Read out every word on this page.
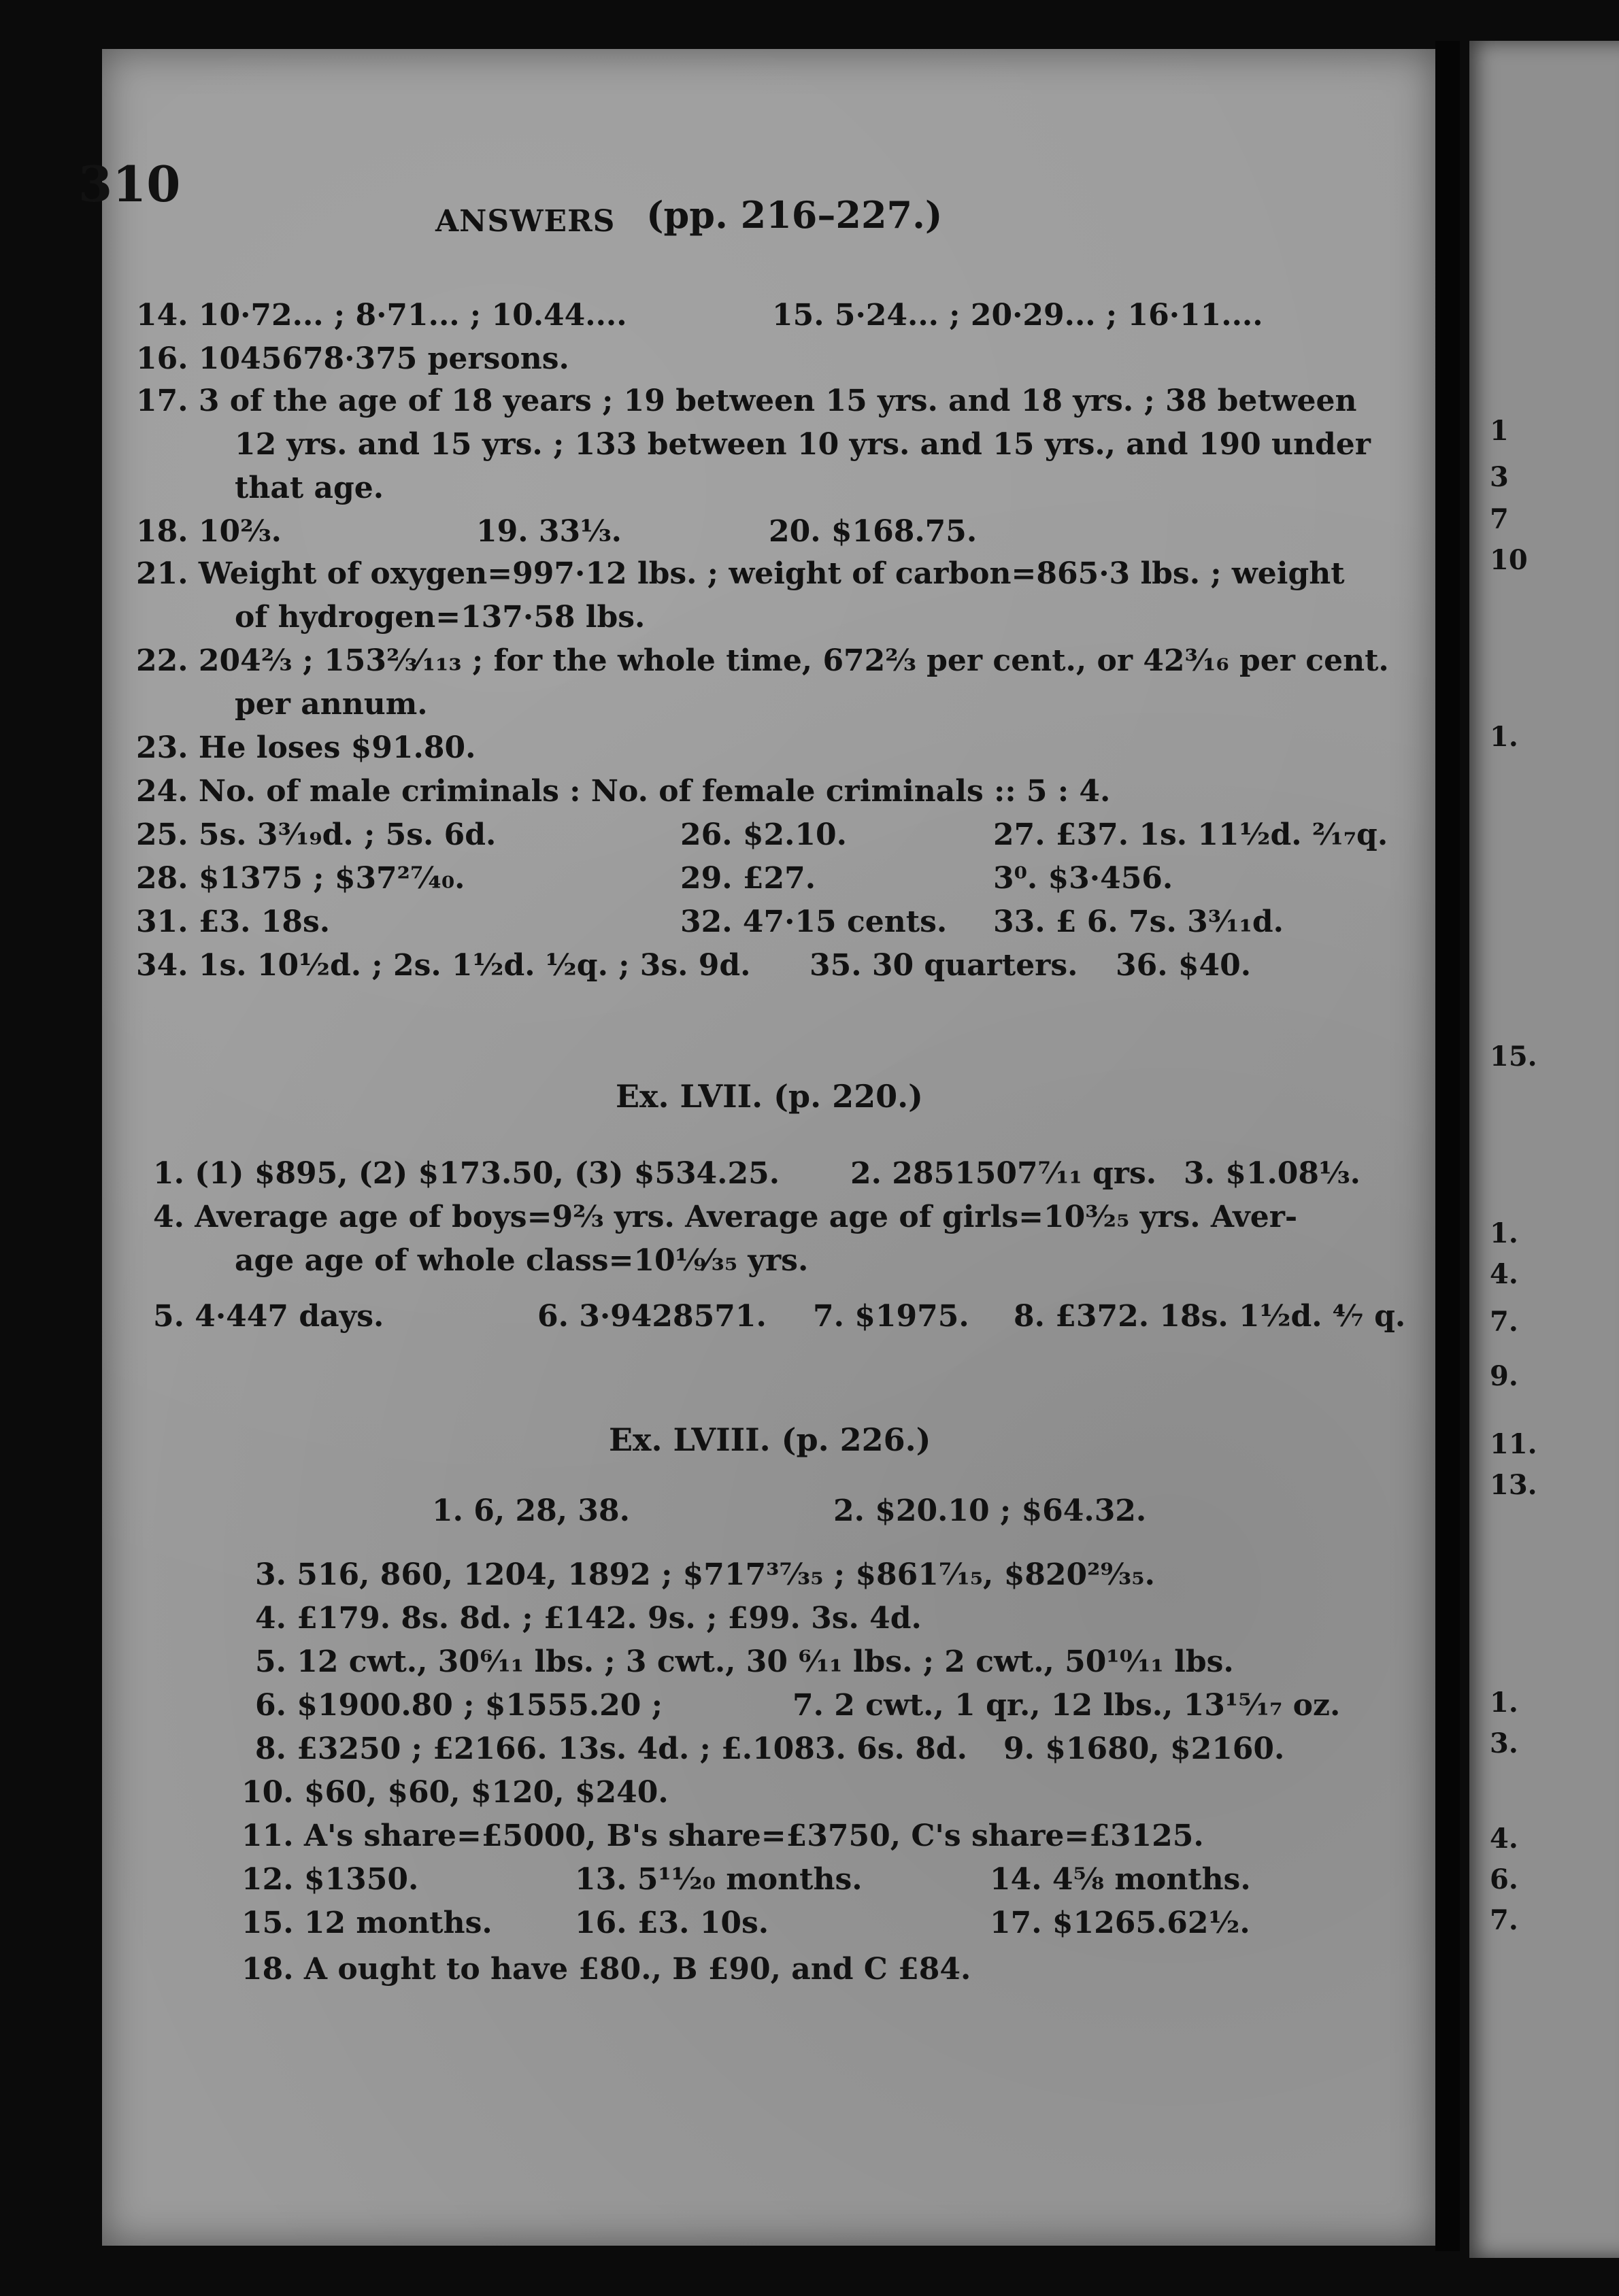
310
ANSWERS (pp. 216–227.)
14. 10·72... ; 8·71... ; 10.44....	15. 5·24... ; 20·29... ; 16·11....
16. 1045678·375 persons.
17. 3 of the age of 18 years ; 19 between 15 yrs. and 18 yrs. ; 38 between
12 yrs. and 15 yrs. ; 133 between 10 yrs. and 15 yrs., and 190 under
that age.
18. 10⅔.	19. 33⅓.	20. $168.75.
21. Weight of oxygen=997·12 lbs. ; weight of carbon=865·3 lbs. ; weight
of hydrogen=137·58 lbs.
22. 204⅔ ; 153⅔⁄₁₁₃ ; for the whole time, 672⅔ per cent., or 42³⁄₁₆ per cent.
per annum.
23. He loses $91.80.
24. No. of male criminals : No. of female criminals :: 5 : 4.
25. 5s. 3³⁄₁₉d. ; 5s. 6d.	26. $2.10.	27. £37. 1s. 11½d. ²⁄₁₇q.
28. $1375 ; $37²⁷⁄₄₀.	29. £27.	3⁰. $3·456.
31. £3. 18s.	32. 47·15 cents. 33. £ 6. 7s. 3³⁄₁₁d.
34. 1s. 10½d. ; 2s. 1½d. ½q. ; 3s. 9d. 35. 30 quarters. 36. $40.
Ex. LVII. (p. 220.)
1. (1) $895, (2) $173.50, (3) $534.25. 2. 2851507⁷⁄₁₁ qrs. 3. $1.08⅓.
4. Average age of boys=9⅔ yrs. Average age of girls=10³⁄₂₅ yrs. Aver-
age age of whole class=10⅑⁄₃₅ yrs.
5. 4·447 days.	6. 3·9428571. 7. $1975. 8. £372. 18s. 1½d. ⁴⁄₇ q.
Ex. LVIII. (p. 226.)
1. 6, 28, 38.	2. $20.10 ; $64.32.
3. 516, 860, 1204, 1892 ; $717³⁷⁄₃₅ ; $861⁷⁄₁₅, $820²⁹⁄₃₅.
4. £179. 8s. 8d. ; £142. 9s. ; £99. 3s. 4d.
5. 12 cwt., 30⁶⁄₁₁ lbs. ; 3 cwt., 30 ⁶⁄₁₁ lbs. ; 2 cwt., 50¹⁰⁄₁₁ lbs.
6. $1900.80 ; $1555.20 ;	7. 2 cwt., 1 qr., 12 lbs., 13¹⁵⁄₁₇ oz.
8. £3250 ; £2166. 13s. 4d. ; £.1083. 6s. 8d. 9. $1680, $2160.
10. $60, $60, $120, $240.
11. A's share=£5000, B's share=£3750, C's share=£3125.
12. $1350.	13. 5¹¹⁄₂₀ months.	14. 4⅝ months.
15. 12 months.	16. £3. 10s.	17. $1265.62½.
18. A ought to have £80., B £90, and C £84.
1
3
7
10
1.
15.
1.
4.
7.
9.
11.
13.
1.
3.
4.
6.
7.
